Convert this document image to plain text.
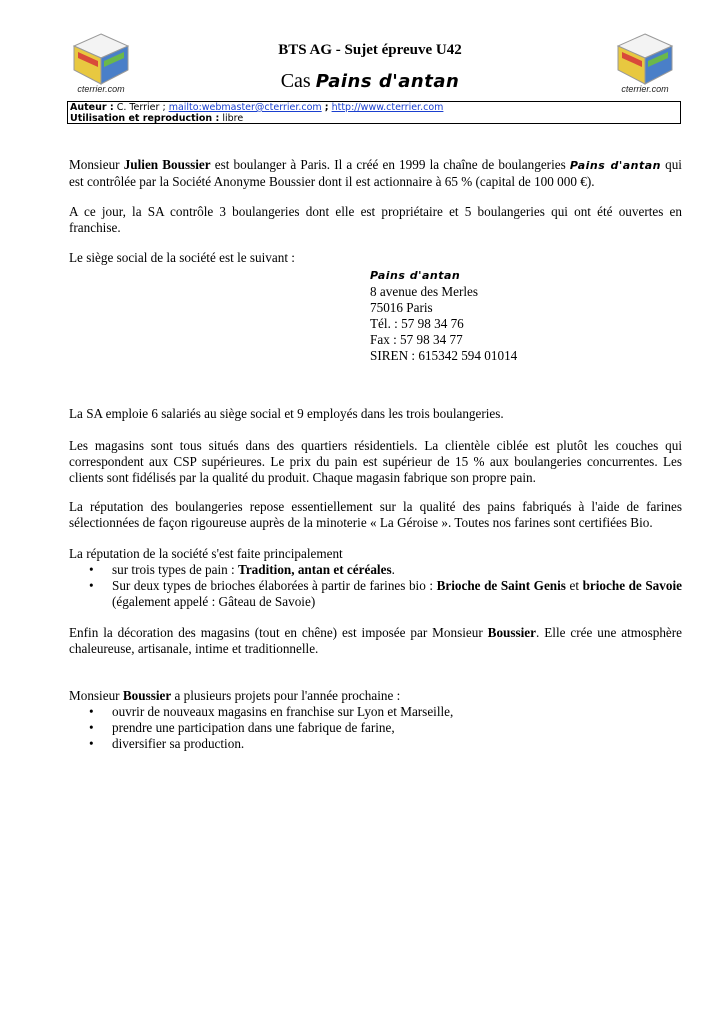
cterrier.com	cterrier.com
BTS AG - Sujet épreuve U42
Cas Pains d'antan
Auteur : C. Terrier ; mailto:webmaster@cterrier.com ; http://www.cterrier.com
Utilisation et reproduction : libre

Monsieur Julien Boussier est boulanger à Paris. Il a créé en 1999 la chaîne de boulangeries Pains d'antan qui est contrôlée par la Société Anonyme Boussier dont il est actionnaire à 65 % (capital de 100 000 €).

A ce jour, la SA contrôle 3 boulangeries dont elle est propriétaire et 5 boulangeries qui ont été ouvertes en franchise.

Le siège social de la société est le suivant :

Pains d'antan
8 avenue des Merles
75016 Paris
Tél. : 57 98 34 76
Fax : 57 98 34 77
SIREN : 615342 594 01014

La SA emploie 6 salariés au siège social et 9 employés dans les trois boulangeries.

Les magasins sont tous situés dans des quartiers résidentiels. La clientèle ciblée est plutôt les couches qui correspondent aux CSP supérieures. Le prix du pain est supérieur de 15 % aux boulangeries concurrentes. Les clients sont fidélisés par la qualité du produit. Chaque magasin fabrique son propre pain.

La réputation des boulangeries repose essentiellement sur la qualité des pains fabriqués à l'aide de farines sélectionnées de façon rigoureuse auprès de la minoterie « La Géroise ». Toutes nos farines sont certifiées Bio.

La réputation de la société s'est faite principalement

• sur trois types de pain : Tradition, antan et céréales.
• Sur deux types de brioches élaborées à partir de farines bio : Brioche de Saint Genis et brioche de Savoie (également appelé : Gâteau de Savoie)

Enfin la décoration des magasins (tout en chêne) est imposée par Monsieur Boussier. Elle crée une atmosphère chaleureuse, artisanale, intime et traditionnelle.

Monsieur Boussier a plusieurs projets pour l'année prochaine :

• ouvrir de nouveaux magasins en franchise sur Lyon et Marseille,
• prendre une participation dans une fabrique de farine,
• diversifier sa production.
